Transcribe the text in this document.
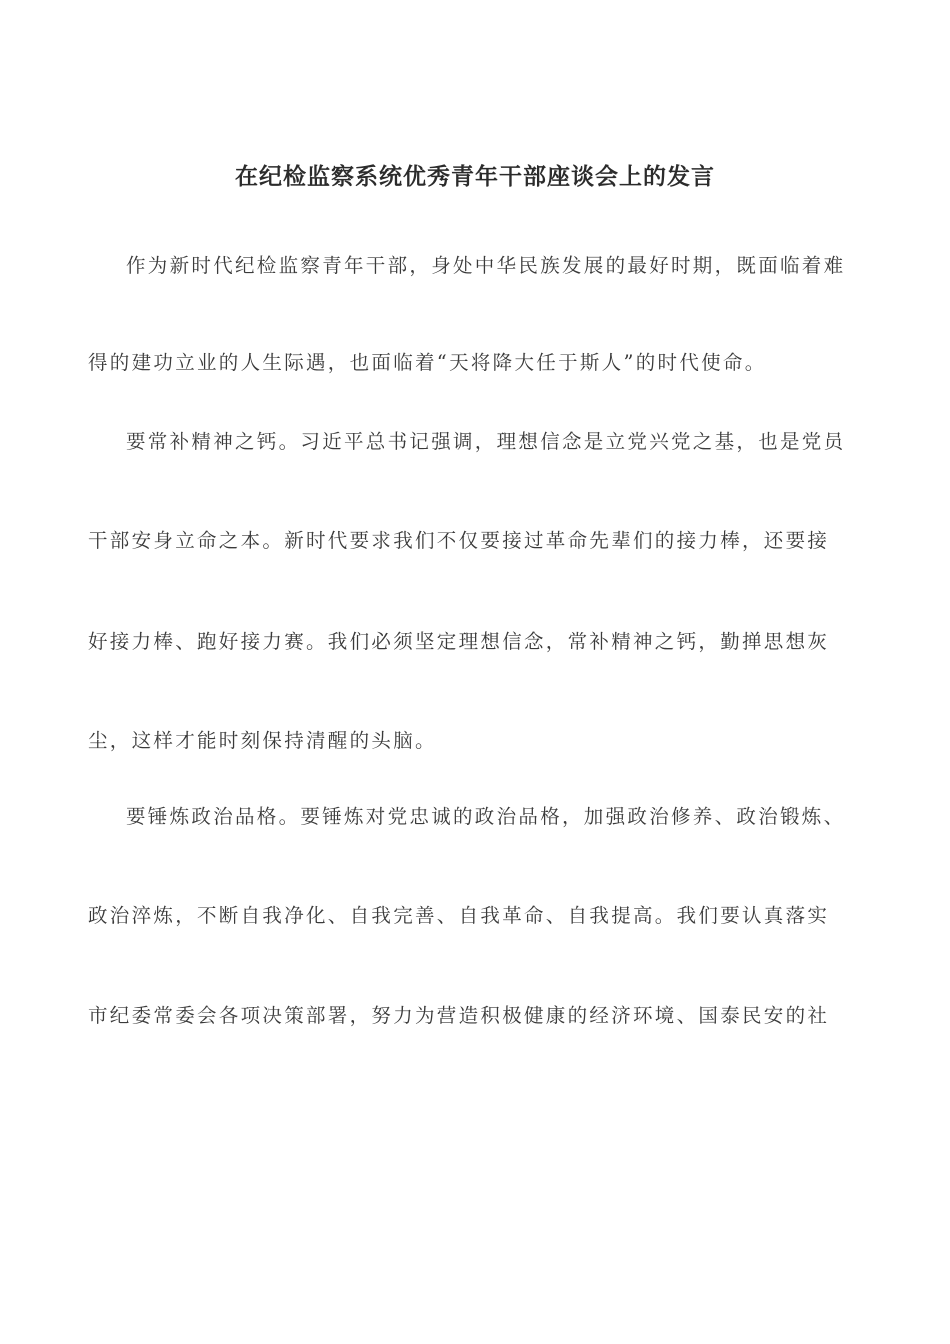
在纪检监察系统优秀青年干部座谈会上的发言
作为新时代纪检监察青年干部，身处中华民族发展的最好时期，既面临着难
得的建功立业的人生际遇，也面临着“天将降大任于斯人”的时代使命。
要常补精神之钙。习近平总书记强调，理想信念是立党兴党之基，也是党员
干部安身立命之本。新时代要求我们不仅要接过革命先辈们的接力棒，还要接
好接力棒、跑好接力赛。我们必须坚定理想信念，常补精神之钙，勤掸思想灰
尘，这样才能时刻保持清醒的头脑。
要锤炼政治品格。要锤炼对党忠诚的政治品格，加强政治修养、政治锻炼、
政治淬炼，不断自我净化、自我完善、自我革命、自我提高。我们要认真落实
市纪委常委会各项决策部署，努力为营造积极健康的经济环境、国泰民安的社
